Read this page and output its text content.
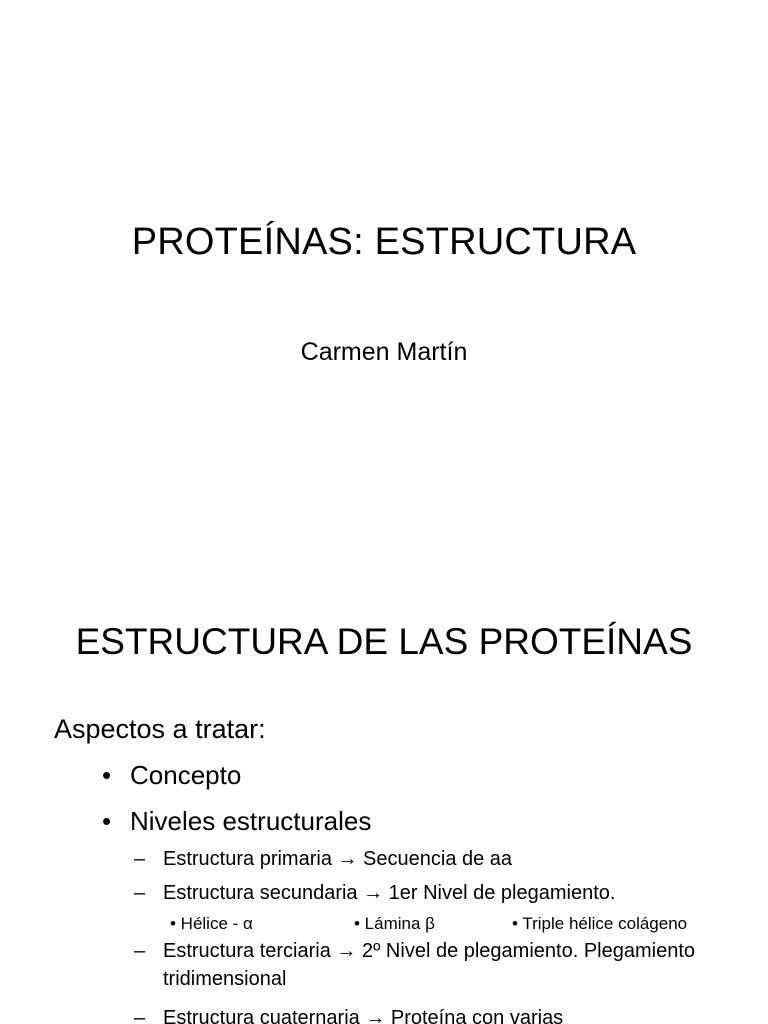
PROTEÍNAS: ESTRUCTURA
Carmen Martín
ESTRUCTURA DE LAS PROTEÍNAS
Aspectos a tratar:
• Concepto
• Niveles estructurales
– Estructura primaria → Secuencia de aa
– Estructura secundaria → 1er Nivel de plegamiento.
• Hélice - α	• Lámina β	• Triple hélice colágeno
– Estructura terciaria → 2º Nivel de plegamiento. Plegamiento tridimensional
– Estructura cuaternaria → Proteína con varias
